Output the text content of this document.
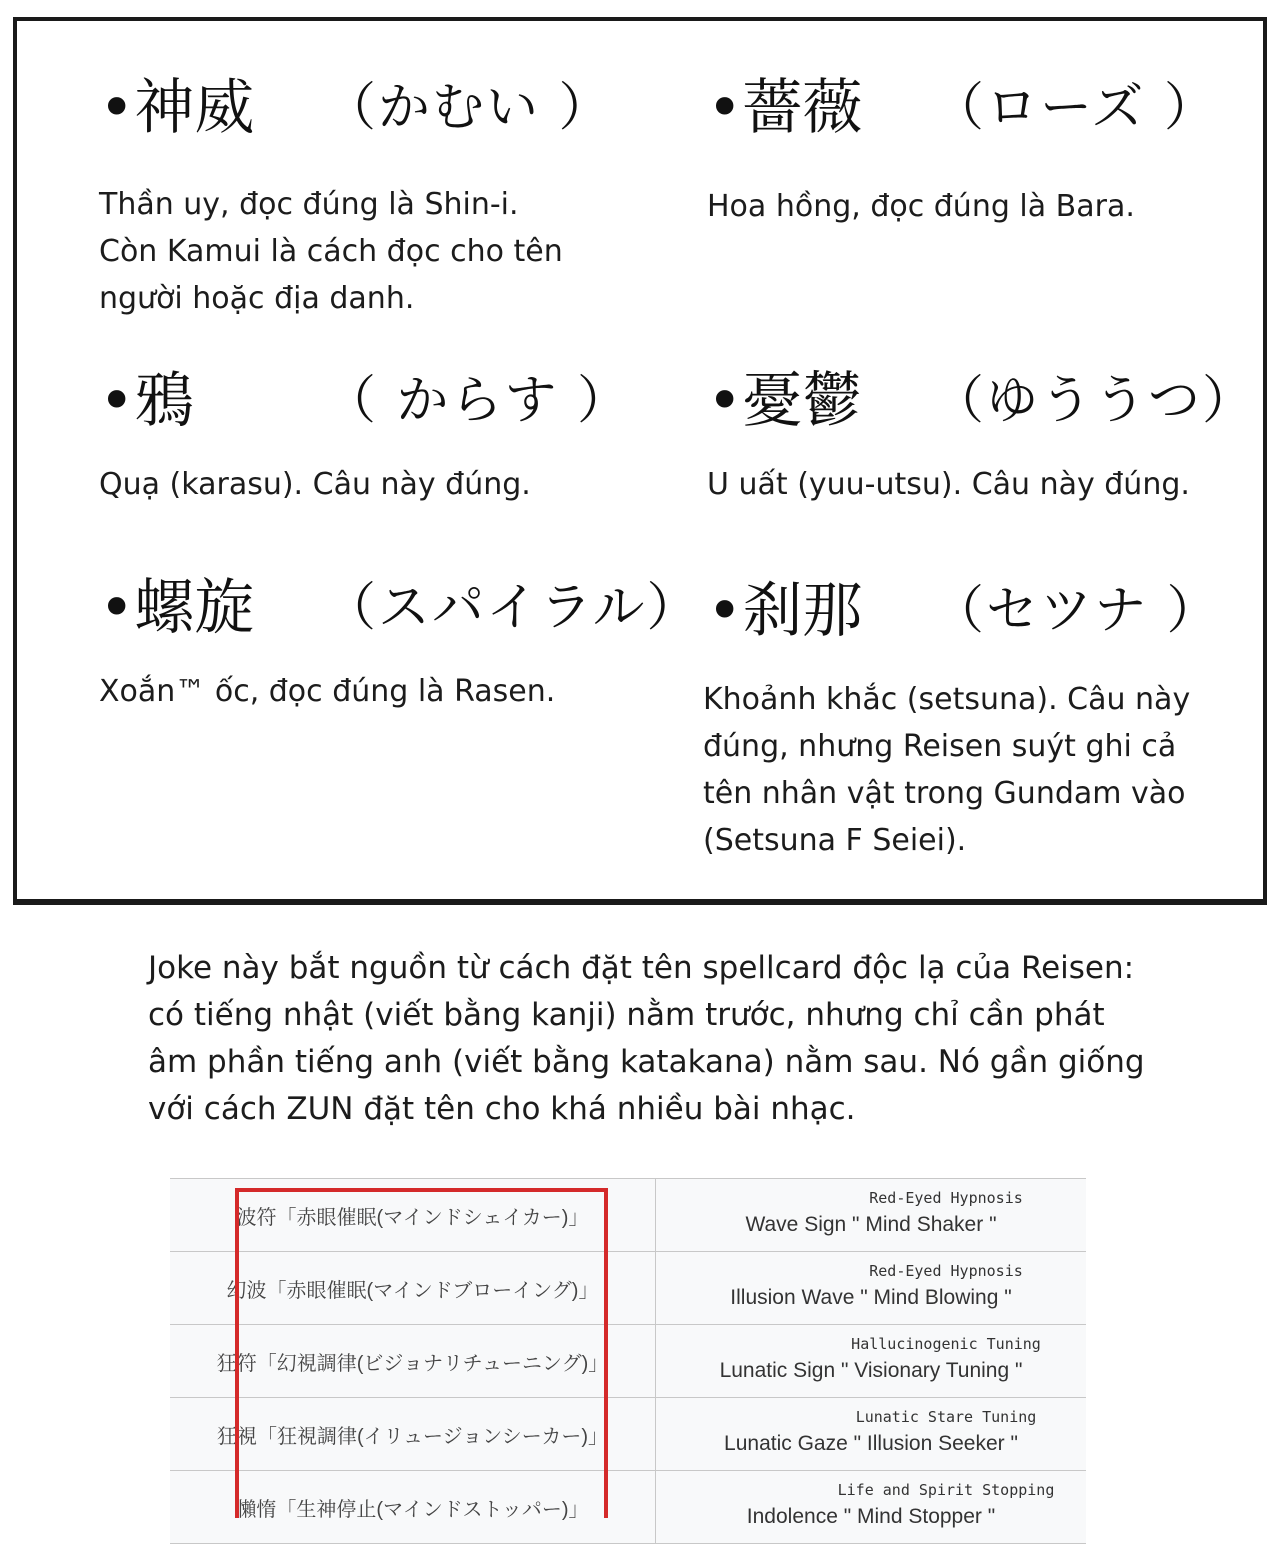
•神威 （かむい ）
Thần uy, đọc đúng là Shin-i.
Còn Kamui là cách đọc cho tên
người hoặc địa danh.
•薔薇 （ローズ ）
Hoa hồng, đọc đúng là Bara.
•鴉 （ からす ）
Quạ (karasu). Câu này đúng.
•憂鬱 （ゆううつ）
U uất (yuu-utsu). Câu này đúng.
•螺旋 （スパイラル）
Xoắn™ ốc, đọc đúng là Rasen.
•刹那 （セツナ ）
Khoảnh khắc (setsuna). Câu này
đúng, nhưng Reisen suýt ghi cả
tên nhân vật trong Gundam vào
(Setsuna F Seiei).
Joke này bắt nguồn từ cách đặt tên spellcard độc lạ của Reisen:
có tiếng nhật (viết bằng kanji) nằm trước, nhưng chỉ cần phát
âm phần tiếng anh (viết bằng katakana) nằm sau. Nó gần giống
với cách ZUN đặt tên cho khá nhiều bài nhạc.
波符「赤眼催眠(マインドシェイカー)」	Red-Eyed Hypnosis
Wave Sign " Mind Shaker "

幻波「赤眼催眠(マインドブローイング)」	Red-Eyed Hypnosis
Illusion Wave " Mind Blowing "

狂符「幻視調律(ビジョナリチューニング)」	Hallucinogenic Tuning
Lunatic Sign " Visionary Tuning "

狂視「狂視調律(イリュージョンシーカー)」	Lunatic Stare Tuning
Lunatic Gaze " Illusion Seeker "

懶惰「生神停止(マインドストッパー)」	Life and Spirit Stopping
Indolence " Mind Stopper "
